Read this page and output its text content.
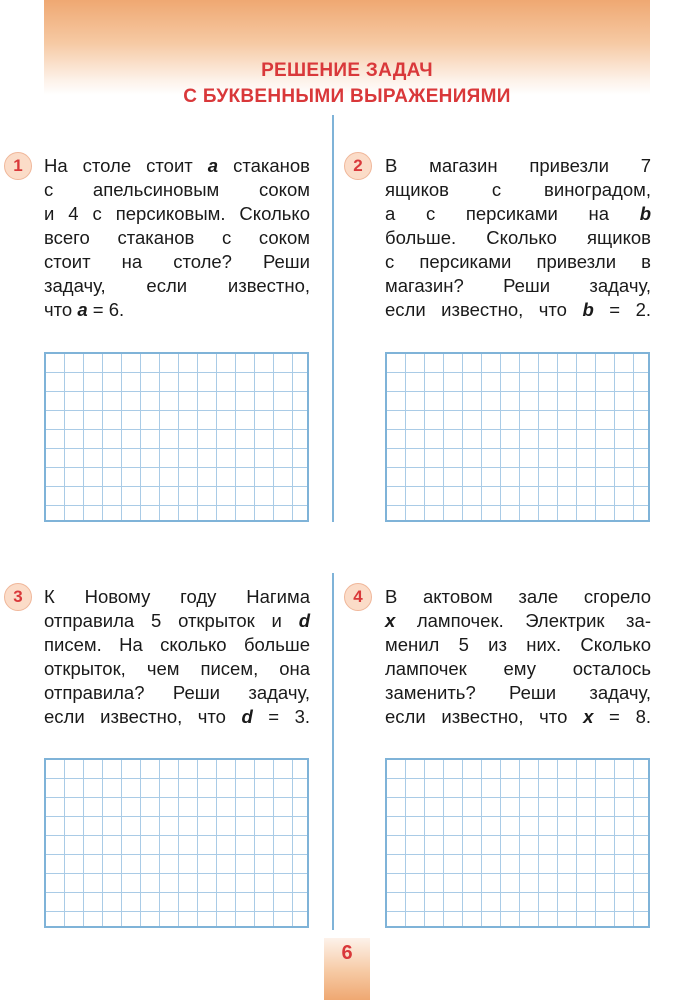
РЕШЕНИЕ ЗАДАЧ
С БУКВЕННЫМИ ВЫРАЖЕНИЯМИ
1	На столе стоит a стаканов
с апельсиновым соком
и 4 с персиковым. Сколько
всего стаканов с соком
стоит на столе? Реши
задачу, если известно,
что a = 6.
2	В магазин привезли 7
ящиков с виноградом,
а с персиками на b
больше. Сколько ящиков
с персиками привезли в
магазин? Реши задачу,
если известно, что b = 2.
3	К Новому году Нагима
отправила 5 открыток и d
писем. На сколько больше
открыток, чем писем, она
отправила? Реши задачу,
если известно, что d = 3.
4	В актовом зале сгорело
x лампочек. Электрик за-
менил 5 из них. Сколько
лампочек ему осталось
заменить? Реши задачу,
если известно, что x = 8.
6
